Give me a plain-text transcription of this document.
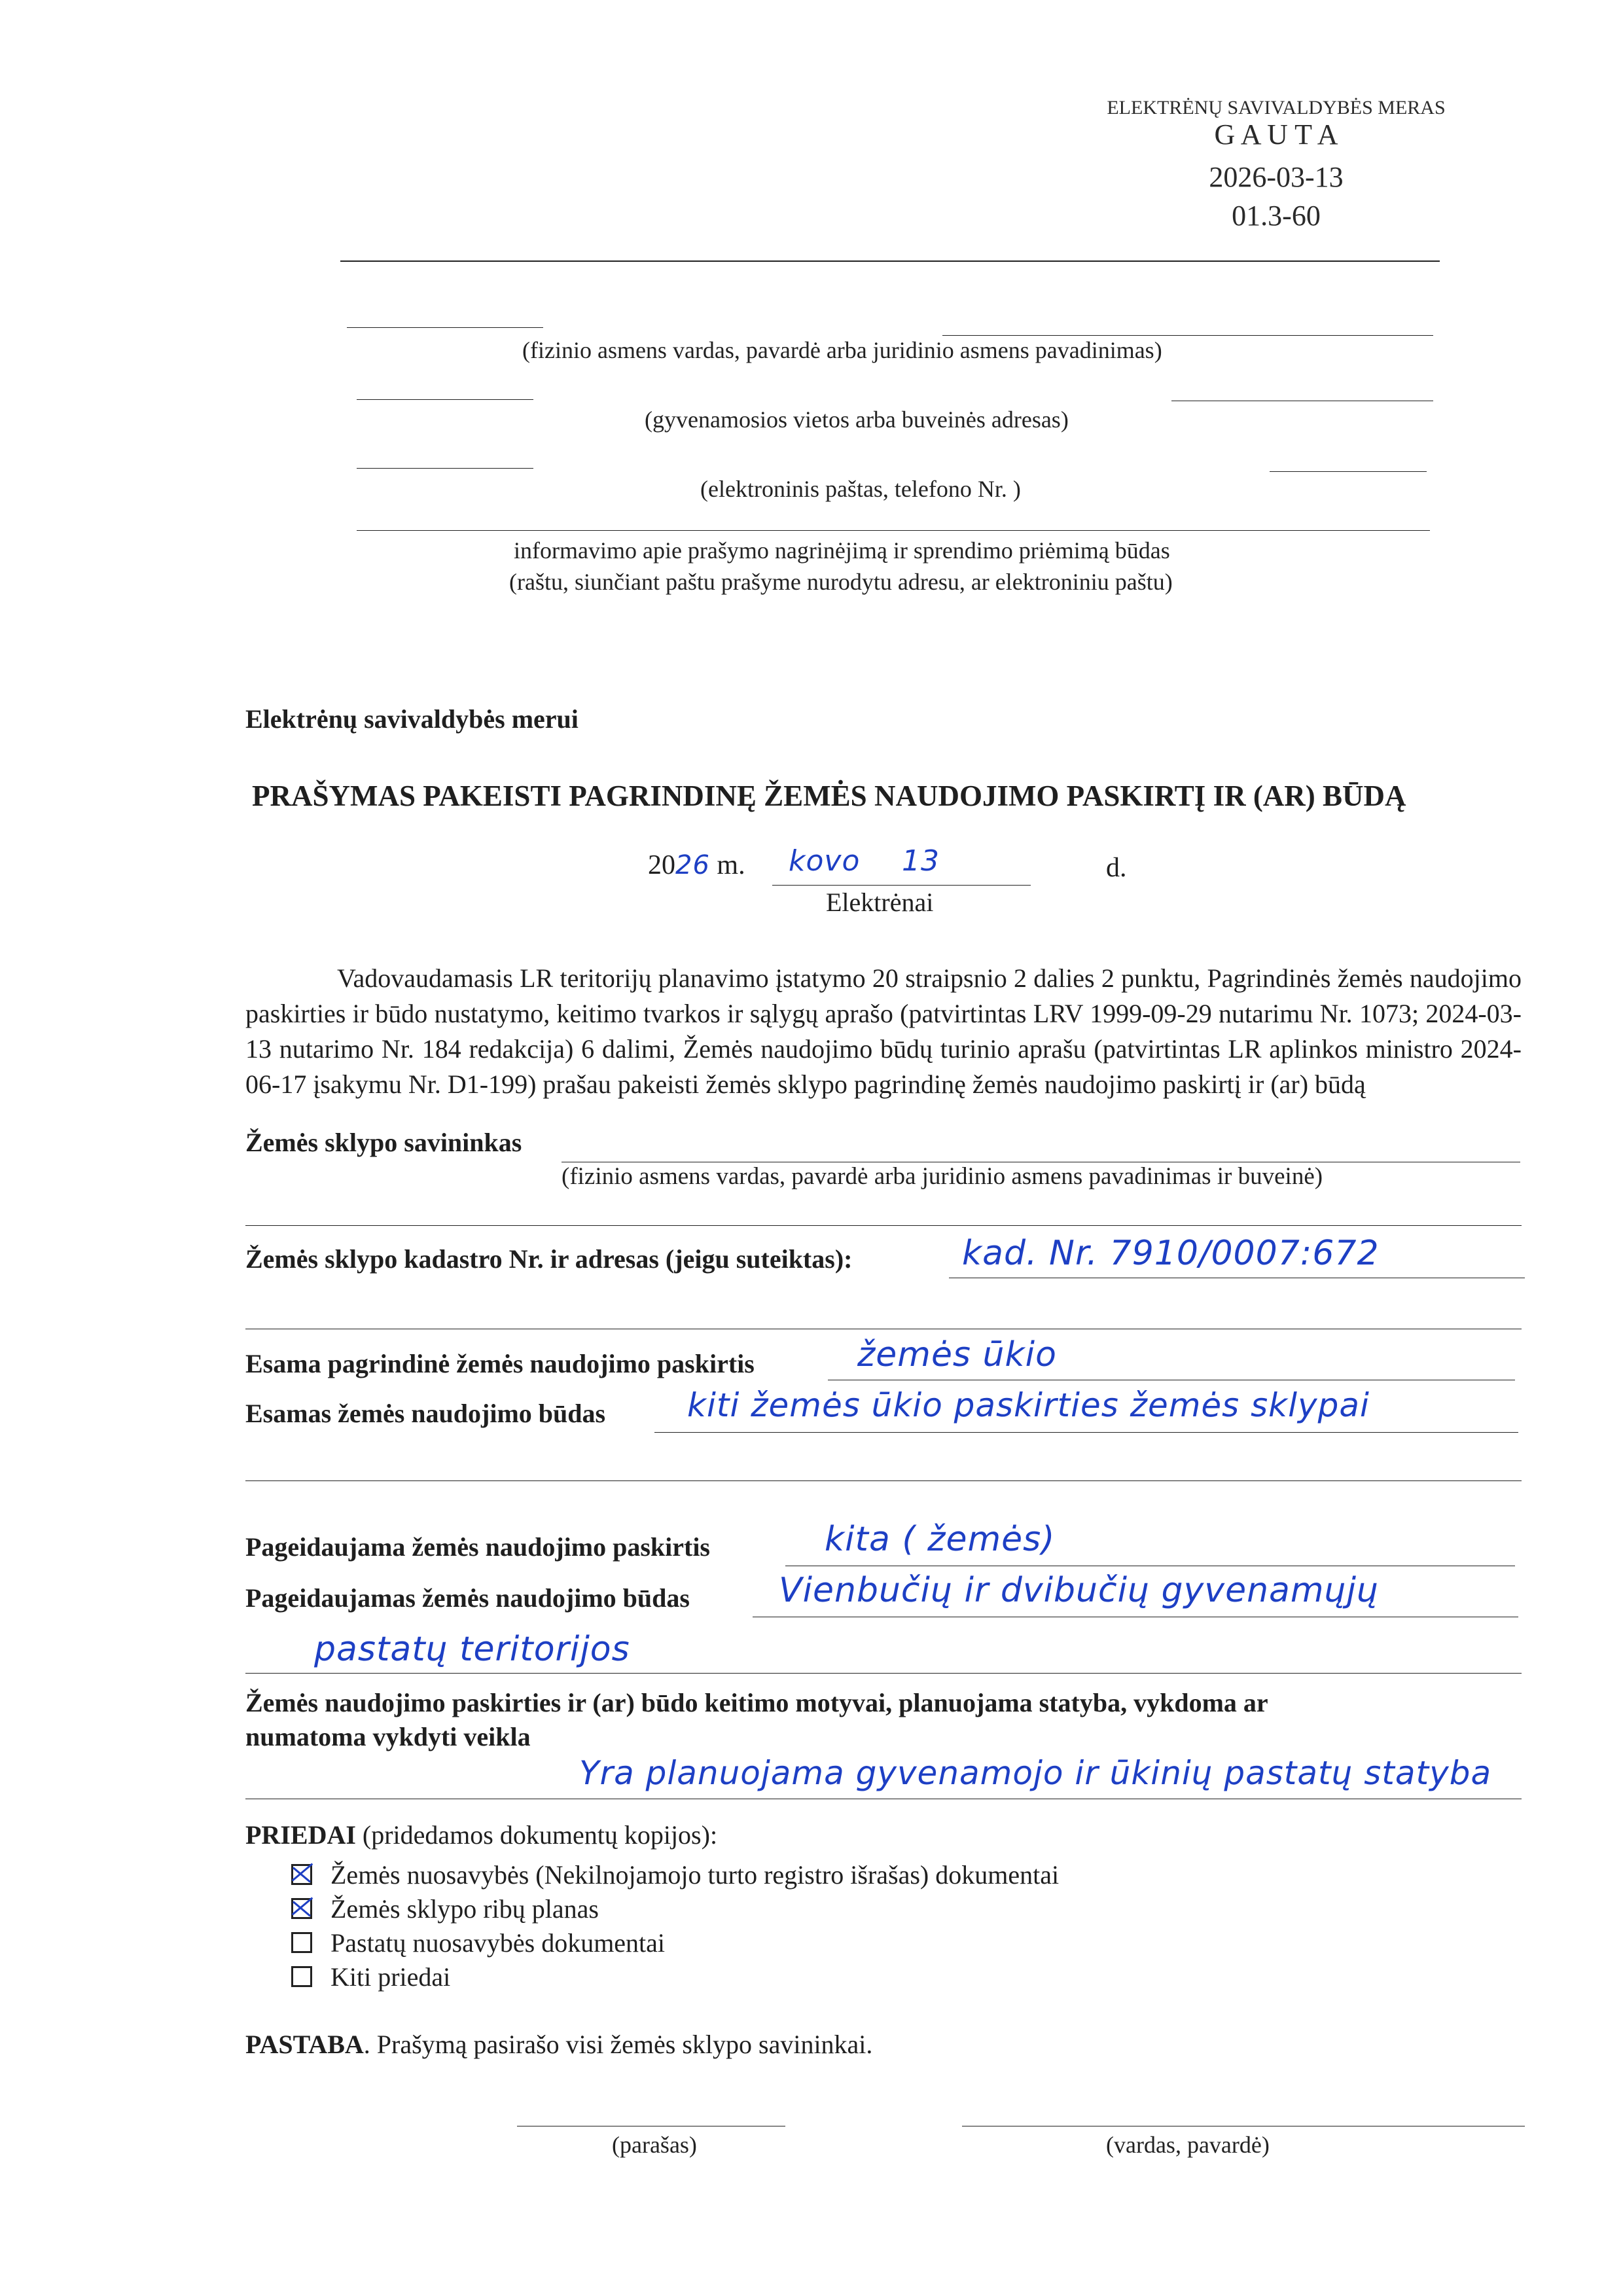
ELEKTRĖNŲ SAVIVALDYBĖS MERAS
G A U T A
2026-03-13
01.3-60
(fizinio asmens vardas, pavardė arba juridinio asmens pavadinimas)
(gyvenamosios vietos arba buveinės adresas)
(elektroninis paštas, telefono Nr. )
informavimo apie prašymo nagrinėjimą ir sprendimo priėmimą būdas
(raštu, siunčiant paštu prašyme nurodytu adresu, ar elektroniniu paštu)
Elektrėnų savivaldybės merui
PRAŠYMAS PAKEISTI PAGRINDINĘ ŽEMĖS NAUDOJIMO PASKIRTĮ IR (AR) BŪDĄ
2026 m. kovo 13	d.
Elektrėnai
Vadovaudamasis LR teritorijų planavimo įstatymo 20 straipsnio 2 dalies 2 punktu, Pagrindinės žemės naudojimo paskirties ir būdo nustatymo, keitimo tvarkos ir sąlygų aprašo (patvirtintas LRV 1999-09-29 nutarimu Nr. 1073; 2024-03-13 nutarimo Nr. 184 redakcija) 6 dalimi, Žemės naudojimo būdų turinio aprašu (patvirtintas LR aplinkos ministro 2024-06-17 įsakymu Nr. D1-199) prašau pakeisti žemės sklypo pagrindinę žemės naudojimo paskirtį ir (ar) būdą
Žemės sklypo savininkas
(fizinio asmens vardas, pavardė arba juridinio asmens pavadinimas ir buveinė)
Žemės sklypo kadastro Nr. ir adresas (jeigu suteiktas):	kad. Nr. 7910/0007:672
Esama pagrindinė žemės naudojimo paskirtis	žemės ūkio
Esamas žemės naudojimo būdas kiti žemės ūkio paskirties žemės sklypai
Pageidaujama žemės naudojimo paskirtis	kita ( žemės)
Pageidaujamas žemės naudojimo būdas	Vienbučių ir dvibučių gyvenamųjų
pastatų teritorijos
Žemės naudojimo paskirties ir (ar) būdo keitimo motyvai, planuojama statyba, vykdoma ar
numatoma vykdyti veikla
Yra planuojama gyvenamojo ir ūkinių pastatų statyba
PRIEDAI (pridedamos dokumentų kopijos):
Žemės nuosavybės (Nekilnojamojo turto registro išrašas) dokumentai
Žemės sklypo ribų planas
Pastatų nuosavybės dokumentai
Kiti priedai
PASTABA. Prašymą pasirašo visi žemės sklypo savininkai.
(parašas)	(vardas, pavardė)
